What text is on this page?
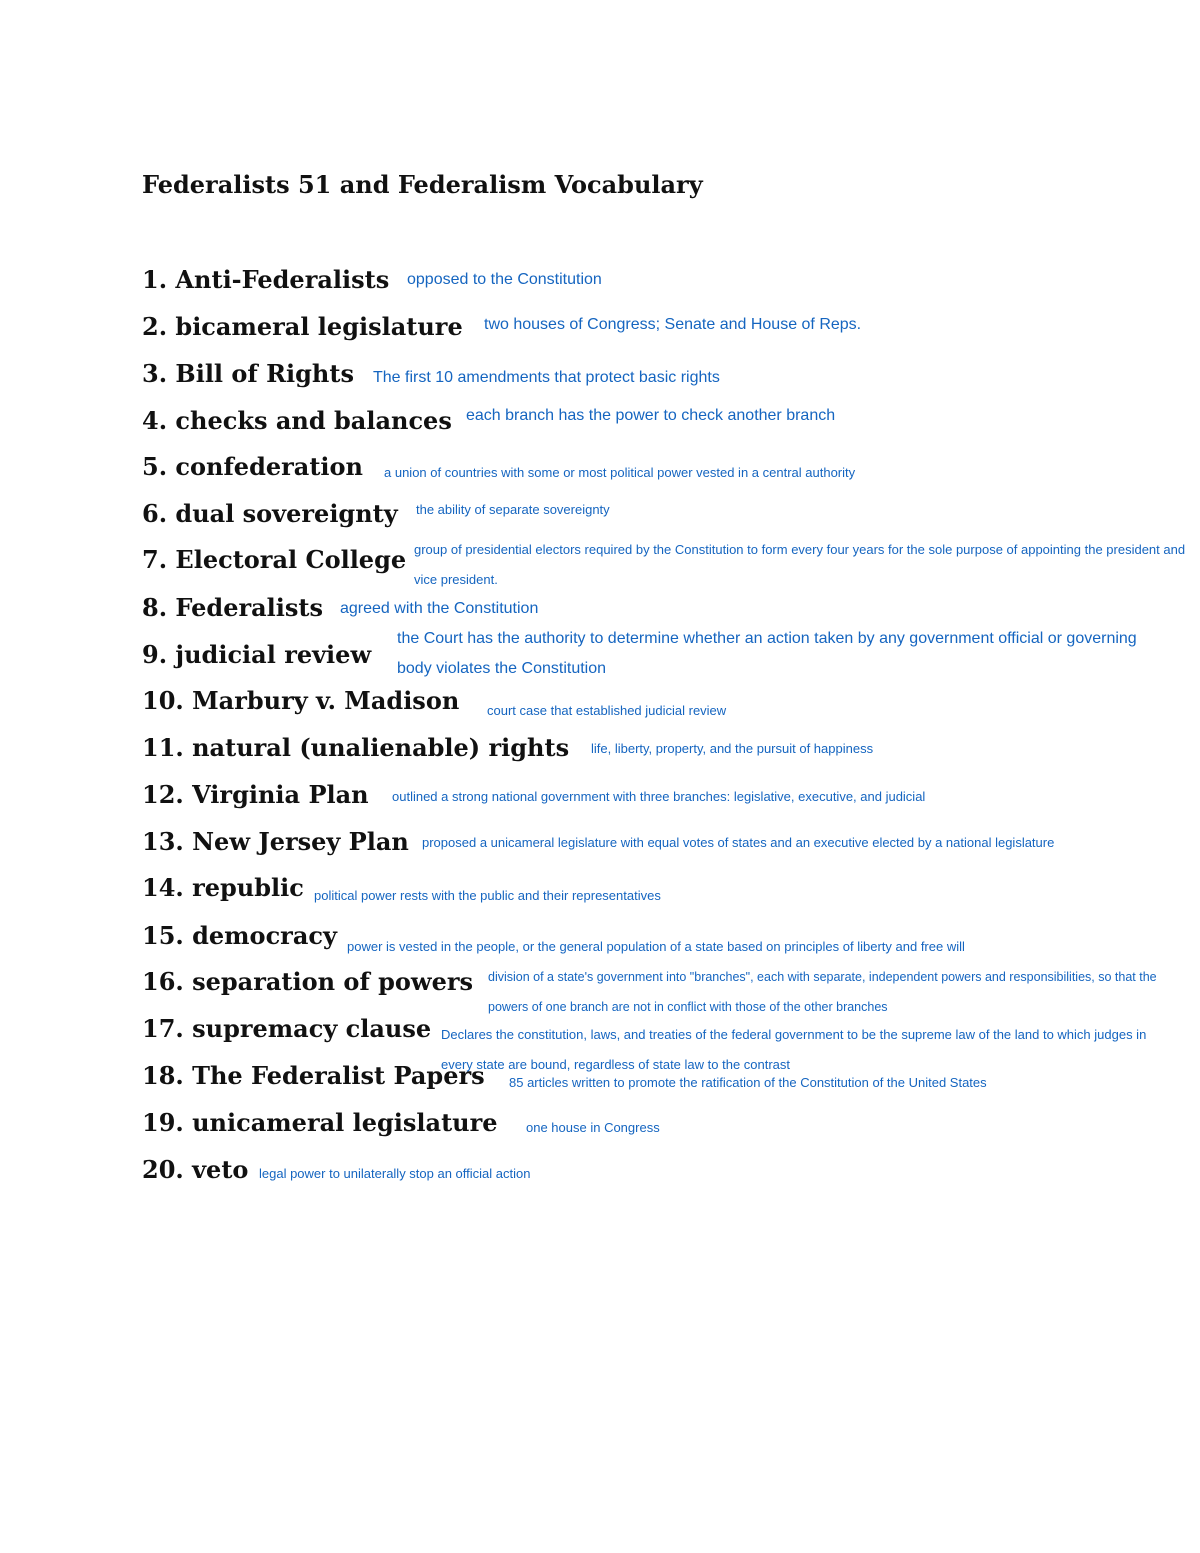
Federalists 51 and Federalism Vocabulary
1. Anti-Federalists opposed to the Constitution
2. bicameral legislature two houses of Congress; Senate and House of Reps.
3. Bill of Rights The first 10 amendments that protect basic rights
4. checks and balances each branch has the power to check another branch
5. confederation a union of countries with some or most political power vested in a central authority
6. dual sovereignty the ability of separate sovereignty
7. Electoral College group of presidential electors required by the Constitution to form every four years for the sole purpose of appointing the president and vice president.
8. Federalists agreed with the Constitution
9. judicial review
the Court has the authority to determine whether an action taken by any government official or governing body violates the Constitution
10. Marbury v. Madison court case that established judicial review
11. natural (unalienable) rights life, liberty, property, and the pursuit of happiness
12. Virginia Plan outlined a strong national government with three branches: legislative, executive, and judicial
13. New Jersey Plan proposed a unicameral legislature with equal votes of states and an executive elected by a national legislature
14. republic political power rests with the public and their representatives
15. democracy power is vested in the people, or the general population of a state based on principles of liberty and free will
16. separation of powers division of a state's government into "branches", each with separate, independent powers and responsibilities, so that the powers of one branch are not in conflict with those of the other branches
17. supremacy clause Declares the constitution, laws, and treaties of the federal government to be the supreme law of the land to which judges in every state are bound, regardless of state law to the contrast
18. The Federalist Papers 85 articles written to promote the ratification of the Constitution of the United States
19. unicameral legislature one house in Congress
20. veto legal power to unilaterally stop an official action
